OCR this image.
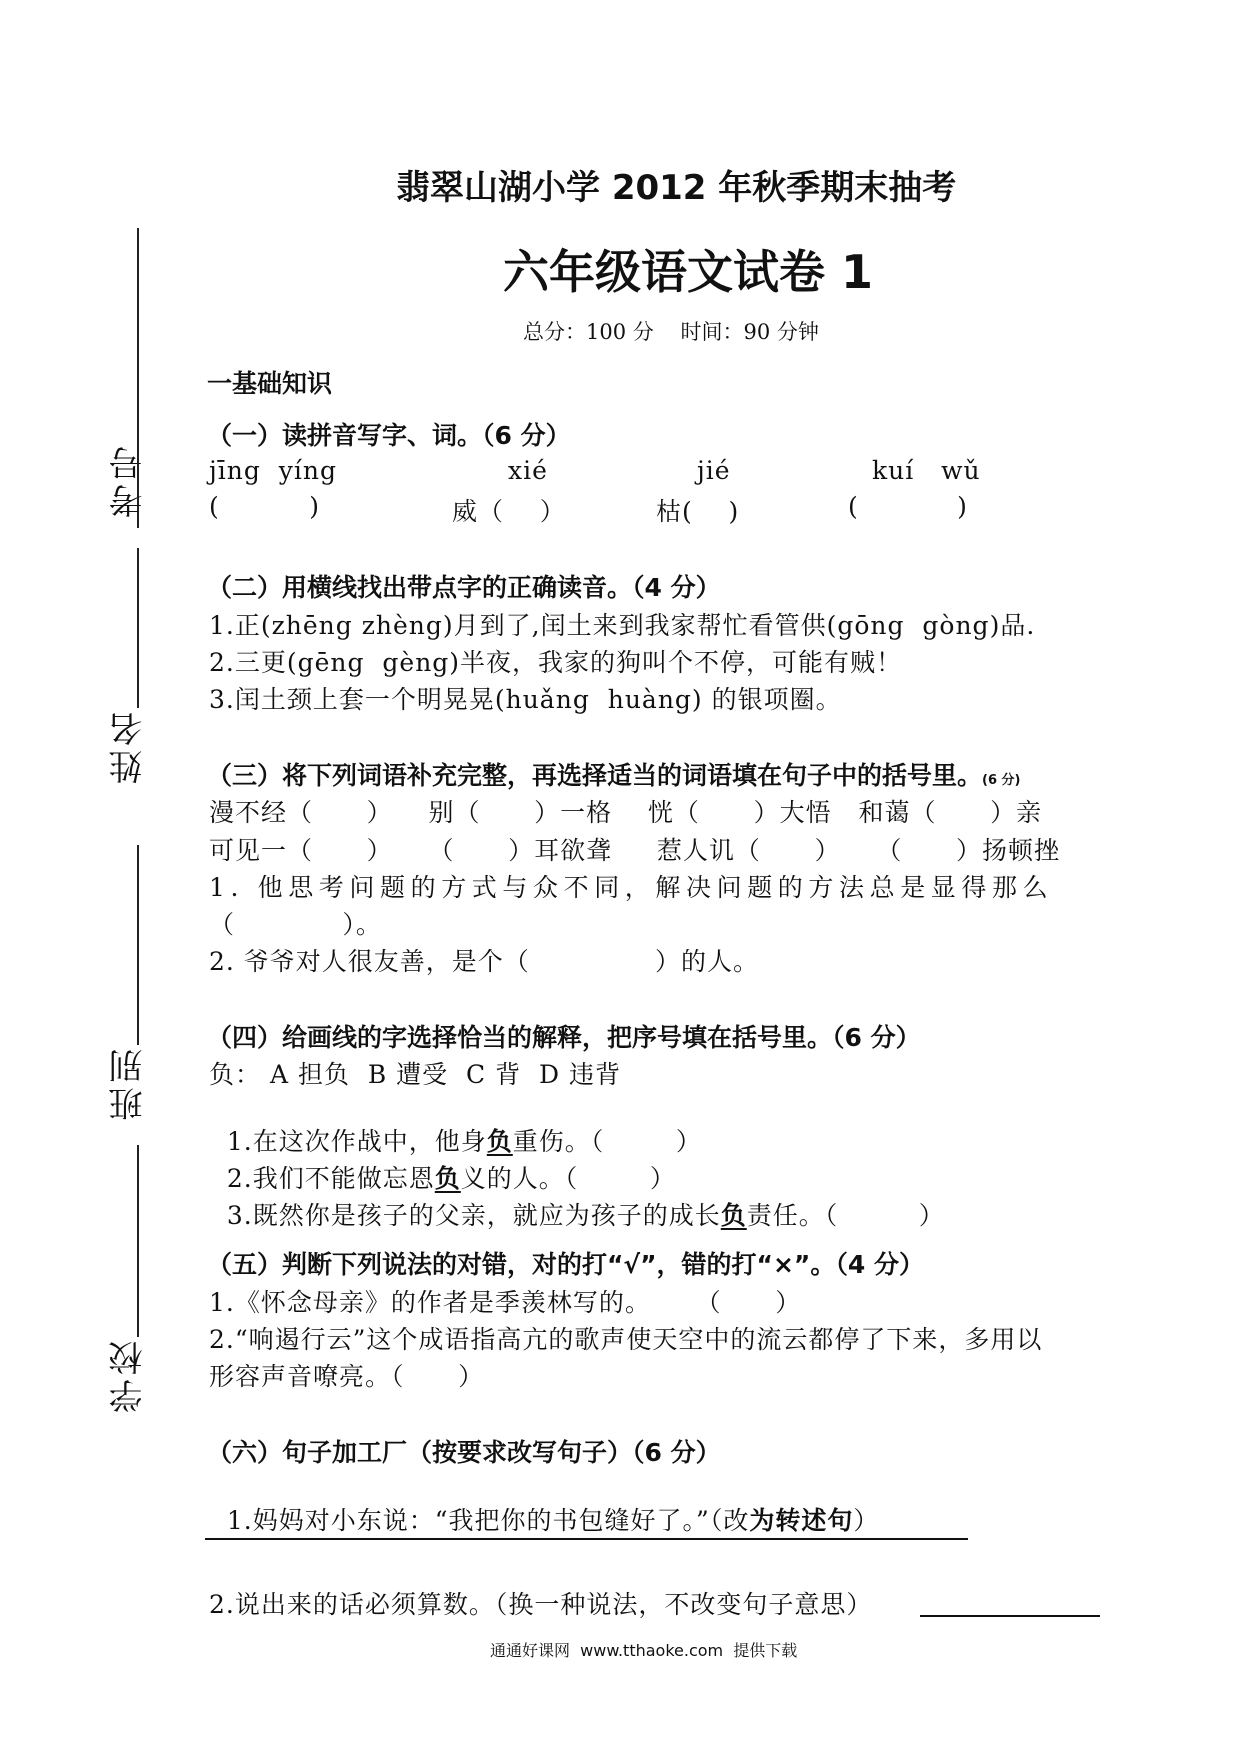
考号
姓名
班别
学校
翡翠山湖小学 2012 年秋季期末抽考
六年级语文试卷 1
总分：100 分    时间：90 分钟
一基础知识
（一）读拼音写字、词。（6 分）
jīng  yíng	xié	jié	kuí   wǔ
(          )	威（    ）	枯(    )	(           )
（二）用横线找出带点字的正确读音。（4 分）
1.正(zhēng zhèng)月到了,闰土来到我家帮忙看管供(gōng  gòng)品.
2.三更(gēng  gèng)半夜，我家的狗叫个不停，可能有贼！
3.闰土颈上套一个明晃晃(huǎng  huàng) 的银项圈。
（三）将下列词语补充完整，再选择适当的词语填在句子中的括号里。(6 分)
漫不经（      ）    别（      ）一格    恍（      ）大悟   和蔼（      ）亲
可见一（      ）    （      ）耳欲聋     惹人讥（      ）    （      ）扬顿挫
1. 他思考问题的方式与众不同，解决问题的方法总是显得那么
（            ）。
2. 爷爷对人很友善，是个（              ）的人。
（四）给画线的字选择恰当的解释，把序号填在括号里。（6 分）
负： A 担负  B 遭受  C 背  D 违背

1.在这次作战中，他身负重伤。（        ）

2.我们不能做忘恩负义的人。（        ）

3.既然你是孩子的父亲，就应为孩子的成长负责任。（         ）

（五）判断下列说法的对错，对的打“√”，错的打“×”。（4 分）
1.《怀念母亲》的作者是季羡林写的。     （      ）
2.“响遏行云”这个成语指高亢的歌声使天空中的流云都停了下来，多用以
形容声音嘹亮。（      ）
（六）句子加工厂（按要求改写句子）（6 分）

1.妈妈对小东说：“我把你的书包缝好了。”（改为转述句）

2.说出来的话必须算数。（换一种说法，不改变句子意思）
通通好课网  www.tthaoke.com  提供下载
